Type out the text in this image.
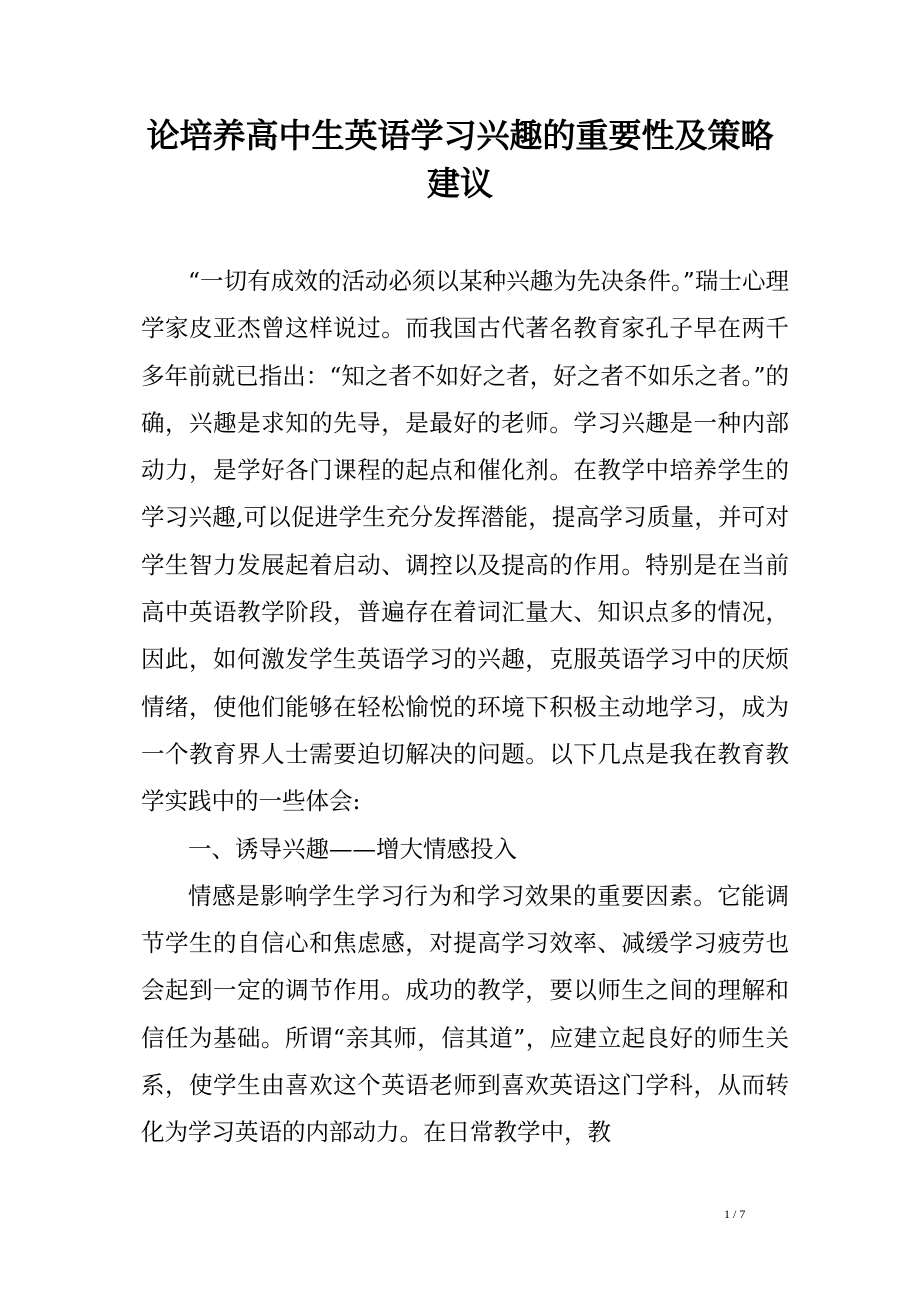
论培养高中生英语学习兴趣的重要性及策略建议

“一切有成效的活动必须以某种兴趣为先决条件。”瑞士心理学家皮亚杰曾这样说过。而我国古代著名教育家孔子早在两千多年前就已指出：“知之者不如好之者，好之者不如乐之者。”的确，兴趣是求知的先导，是最好的老师。学习兴趣是一种内部动力，是学好各门课程的起点和催化剂。在教学中培养学生的学习兴趣,可以促进学生充分发挥潜能，提高学习质量，并可对学生智力发展起着启动、调控以及提高的作用。特别是在当前高中英语教学阶段，普遍存在着词汇量大、知识点多的情况，因此，如何激发学生英语学习的兴趣，克服英语学习中的厌烦情绪，使他们能够在轻松愉悦的环境下积极主动地学习，成为一个教育界人士需要迫切解决的问题。以下几点是我在教育教学实践中的一些体会:

一、诱导兴趣——增大情感投入

情感是影响学生学习行为和学习效果的重要因素。它能调节学生的自信心和焦虑感，对提高学习效率、减缓学习疲劳也会起到一定的调节作用。成功的教学，要以师生之间的理解和信任为基础。所谓“亲其师，信其道”，应建立起良好的师生关系，使学生由喜欢这个英语老师到喜欢英语这门学科，从而转化为学习英语的内部动力。在日常教学中，教

1 / 7
